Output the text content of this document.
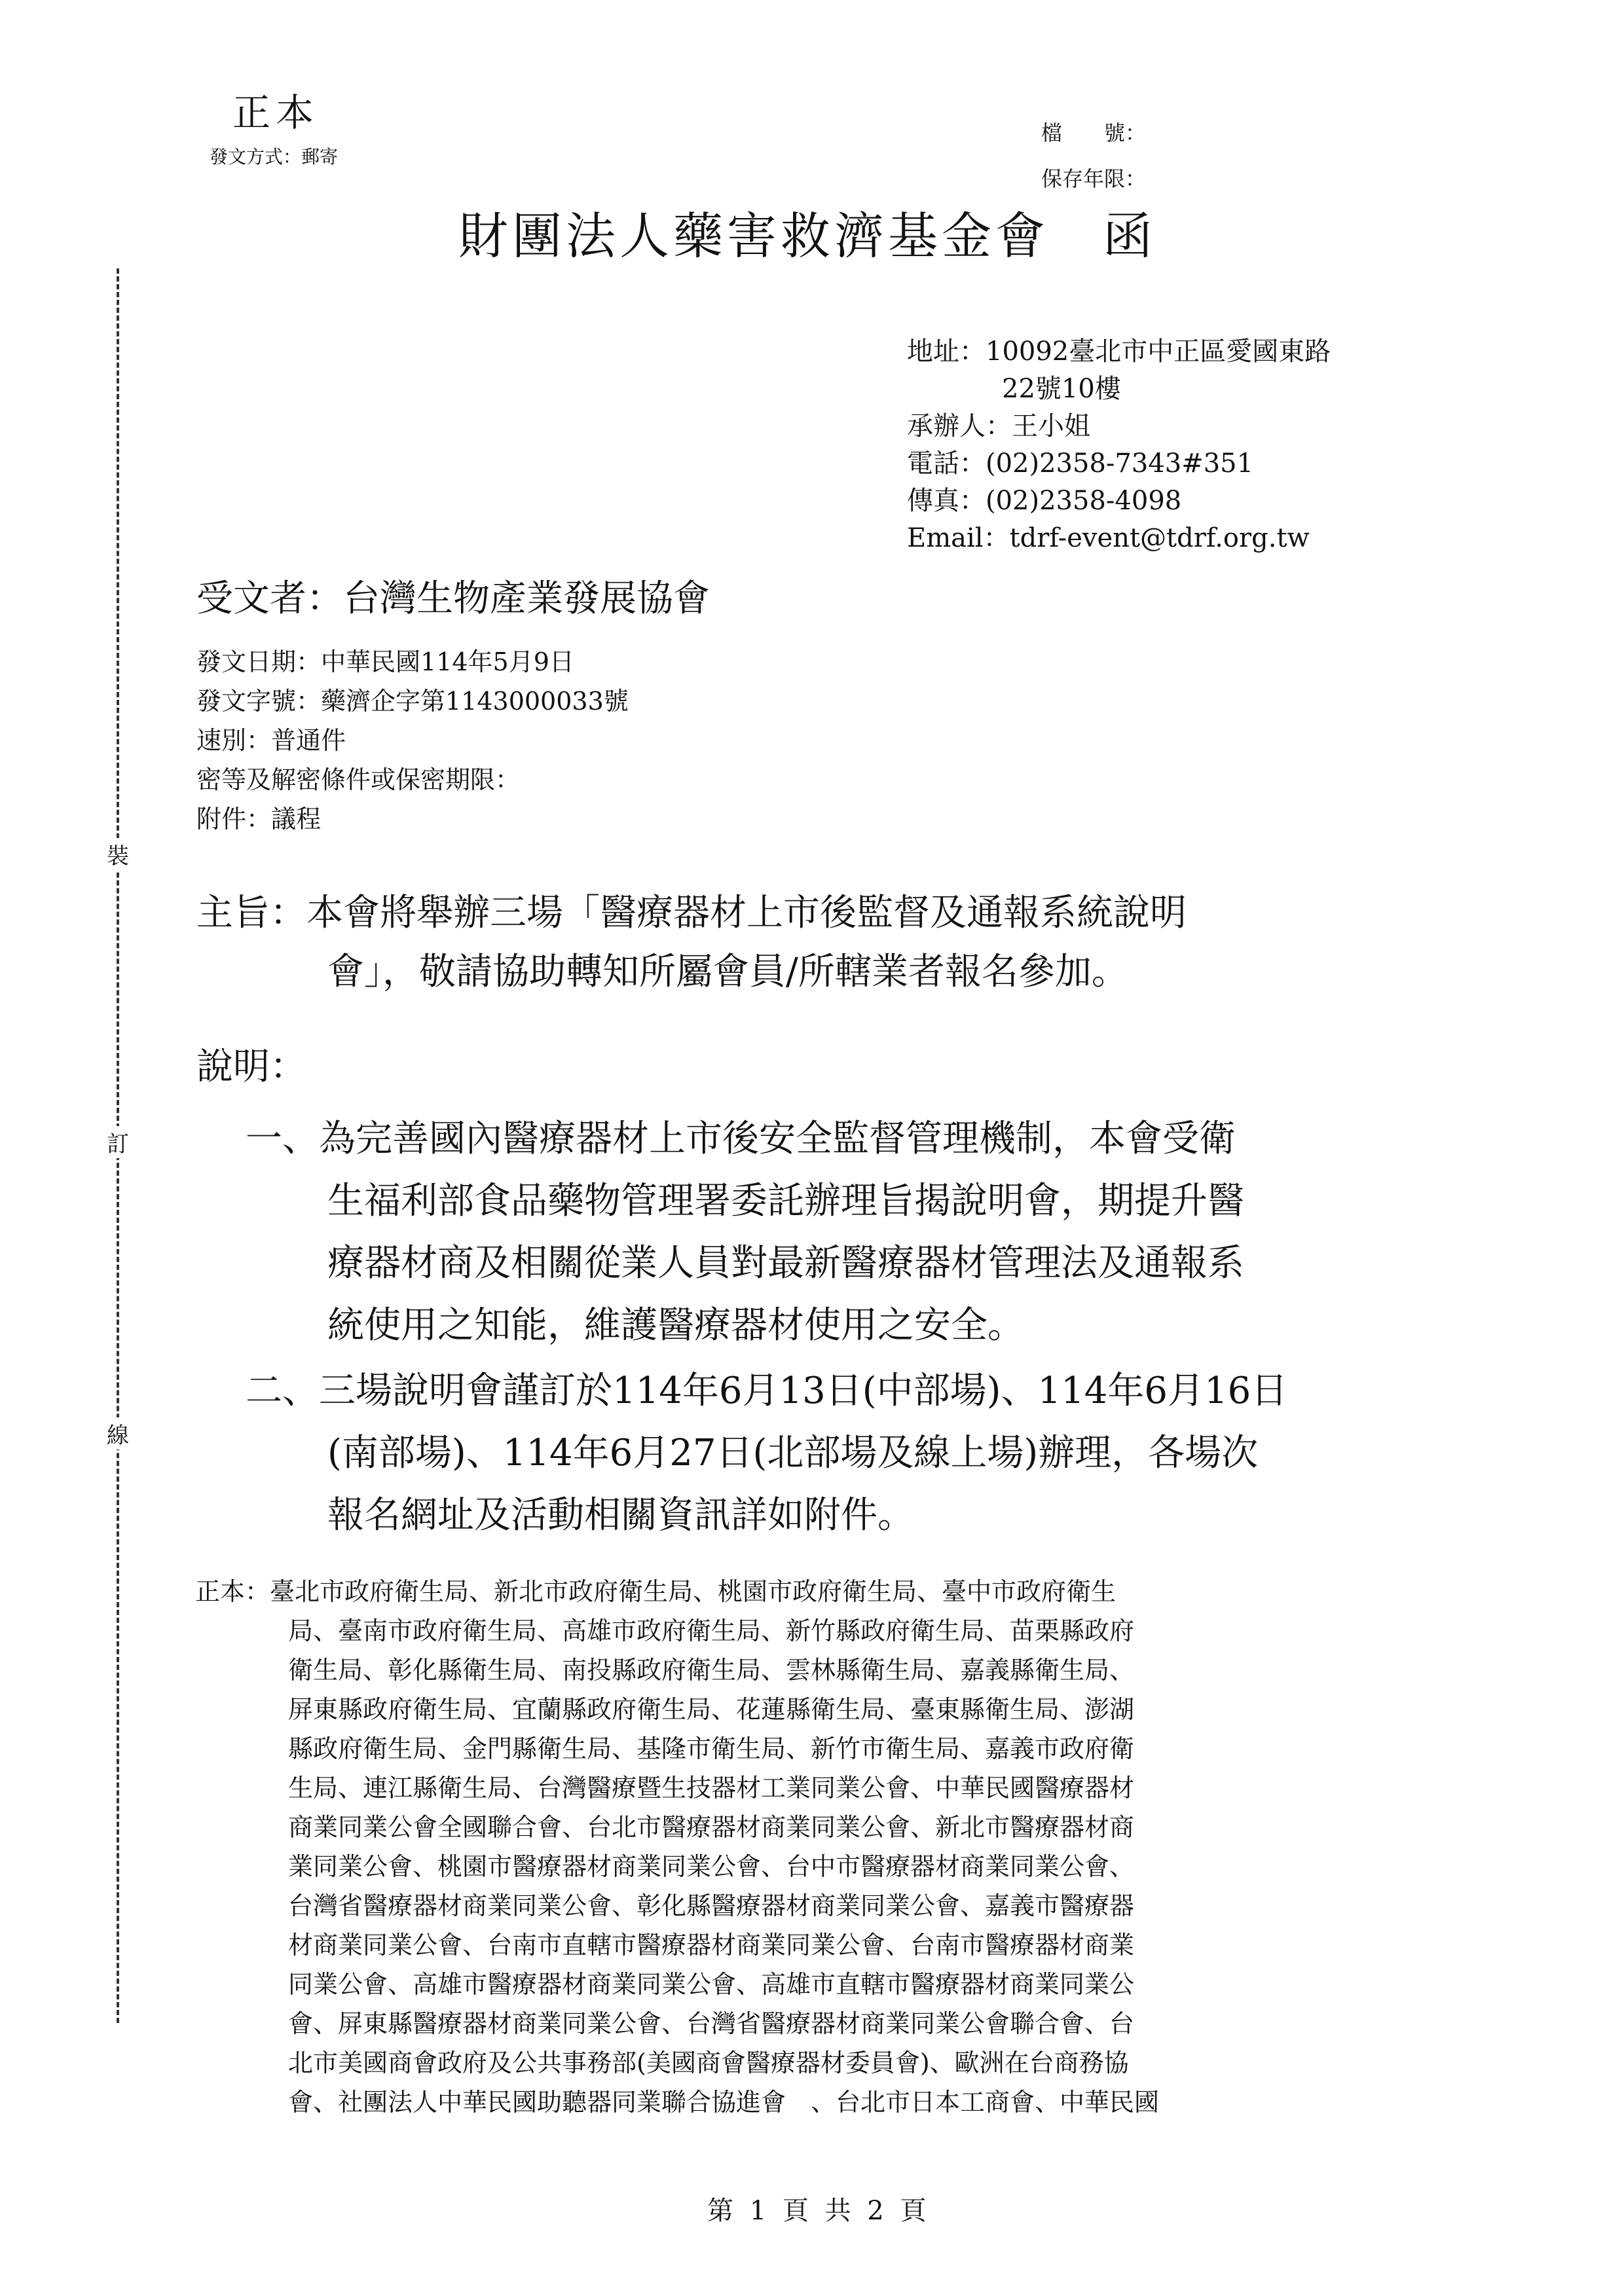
裝
訂
線
正本
發文方式：郵寄
檔　　號：
保存年限：
財團法人藥害救濟基金會　函
地址：10092臺北市中正區愛國東路
22號10樓
承辦人：王小姐
電話：(02)2358-7343#351
傳真：(02)2358-4098
Email：tdrf-event@tdrf.org.tw
受文者：台灣生物產業發展協會
發文日期：中華民國114年5月9日
發文字號：藥濟企字第1143000033號
速別：普通件
密等及解密條件或保密期限：
附件：議程
主旨：本會將舉辦三場「醫療器材上市後監督及通報系統說明
會」，敬請協助轉知所屬會員/所轄業者報名參加。
說明：
一、為完善國內醫療器材上市後安全監督管理機制，本會受衛
生福利部食品藥物管理署委託辦理旨揭說明會，期提升醫
療器材商及相關從業人員對最新醫療器材管理法及通報系
統使用之知能，維護醫療器材使用之安全。
二、三場說明會謹訂於114年6月13日(中部場)、114年6月16日
(南部場)、114年6月27日(北部場及線上場)辦理，各場次
報名網址及活動相關資訊詳如附件。
正本：臺北市政府衛生局、新北市政府衛生局、桃園市政府衛生局、臺中市政府衛生
局、臺南市政府衛生局、高雄市政府衛生局、新竹縣政府衛生局、苗栗縣政府
衛生局、彰化縣衛生局、南投縣政府衛生局、雲林縣衛生局、嘉義縣衛生局、
屏東縣政府衛生局、宜蘭縣政府衛生局、花蓮縣衛生局、臺東縣衛生局、澎湖
縣政府衛生局、金門縣衛生局、基隆市衛生局、新竹市衛生局、嘉義市政府衛
生局、連江縣衛生局、台灣醫療暨生技器材工業同業公會、中華民國醫療器材
商業同業公會全國聯合會、台北市醫療器材商業同業公會、新北市醫療器材商
業同業公會、桃園市醫療器材商業同業公會、台中市醫療器材商業同業公會、
台灣省醫療器材商業同業公會、彰化縣醫療器材商業同業公會、嘉義市醫療器
材商業同業公會、台南市直轄市醫療器材商業同業公會、台南市醫療器材商業
同業公會、高雄市醫療器材商業同業公會、高雄市直轄市醫療器材商業同業公
會、屏東縣醫療器材商業同業公會、台灣省醫療器材商業同業公會聯合會、台
北市美國商會政府及公共事務部(美國商會醫療器材委員會)、歐洲在台商務協
會、社團法人中華民國助聽器同業聯合協進會　、台北市日本工商會、中華民國
第 1 頁 共 2 頁
